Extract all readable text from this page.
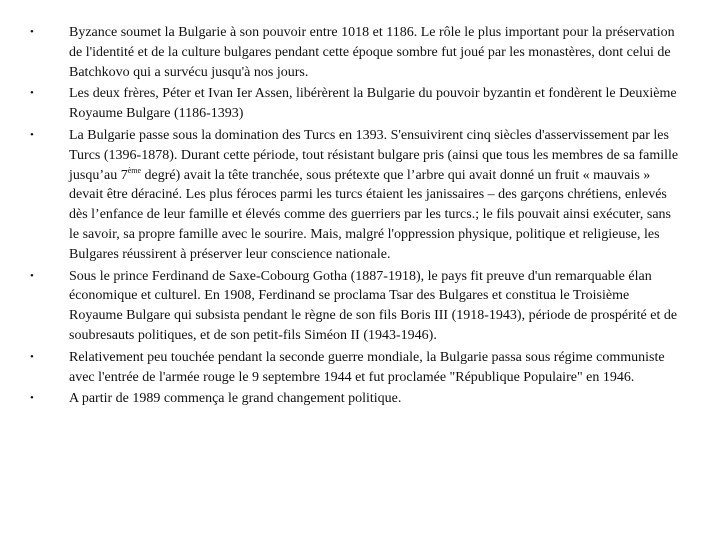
•	Byzance soumet la Bulgarie à son pouvoir entre 1018 et 1186. Le rôle le plus important pour la préservation de l'identité et de la culture bulgares pendant cette époque sombre fut joué par les monastères, dont celui de Batchkovo qui a survécu jusqu'à nos jours.
•	Les deux frères, Péter et Ivan Ier Assen, libérèrent la Bulgarie du pouvoir byzantin et fondèrent le Deuxième Royaume Bulgare (1186-1393)
•	La Bulgarie passe sous la domination des Turcs en 1393. S'ensuivirent cinq siècles d'asservissement par les Turcs (1396-1878). Durant cette période, tout résistant bulgare pris (ainsi que tous les membres de sa famille jusqu’au 7ème degré) avait la tête tranchée, sous prétexte que l’arbre qui avait donné un fruit « mauvais » devait être déraciné. Les plus féroces parmi les turcs étaient les janissaires – des garçons chrétiens, enlevés dès l’enfance de leur famille et élevés comme des guerriers par les turcs.; le fils pouvait ainsi exécuter, sans le savoir, sa propre famille avec le sourire. Mais, malgré l'oppression physique, politique et religieuse, les Bulgares réussirent à préserver leur conscience nationale.
•	Sous le prince Ferdinand de Saxe-Cobourg Gotha (1887-1918), le pays fit preuve d'un remarquable élan économique et culturel. En 1908, Ferdinand se proclama Tsar des Bulgares et constitua le Troisième Royaume Bulgare qui subsista pendant le règne de son fils Boris III (1918-1943), période de prospérité et de soubresauts politiques, et de son petit-fils Siméon II (1943-1946).
•	Relativement peu touchée pendant la seconde guerre mondiale, la Bulgarie passa sous régime communiste avec l'entrée de l'armée rouge le 9 septembre 1944 et fut proclamée "République Populaire" en 1946.
•	A partir de 1989 commença le grand changement politique.
